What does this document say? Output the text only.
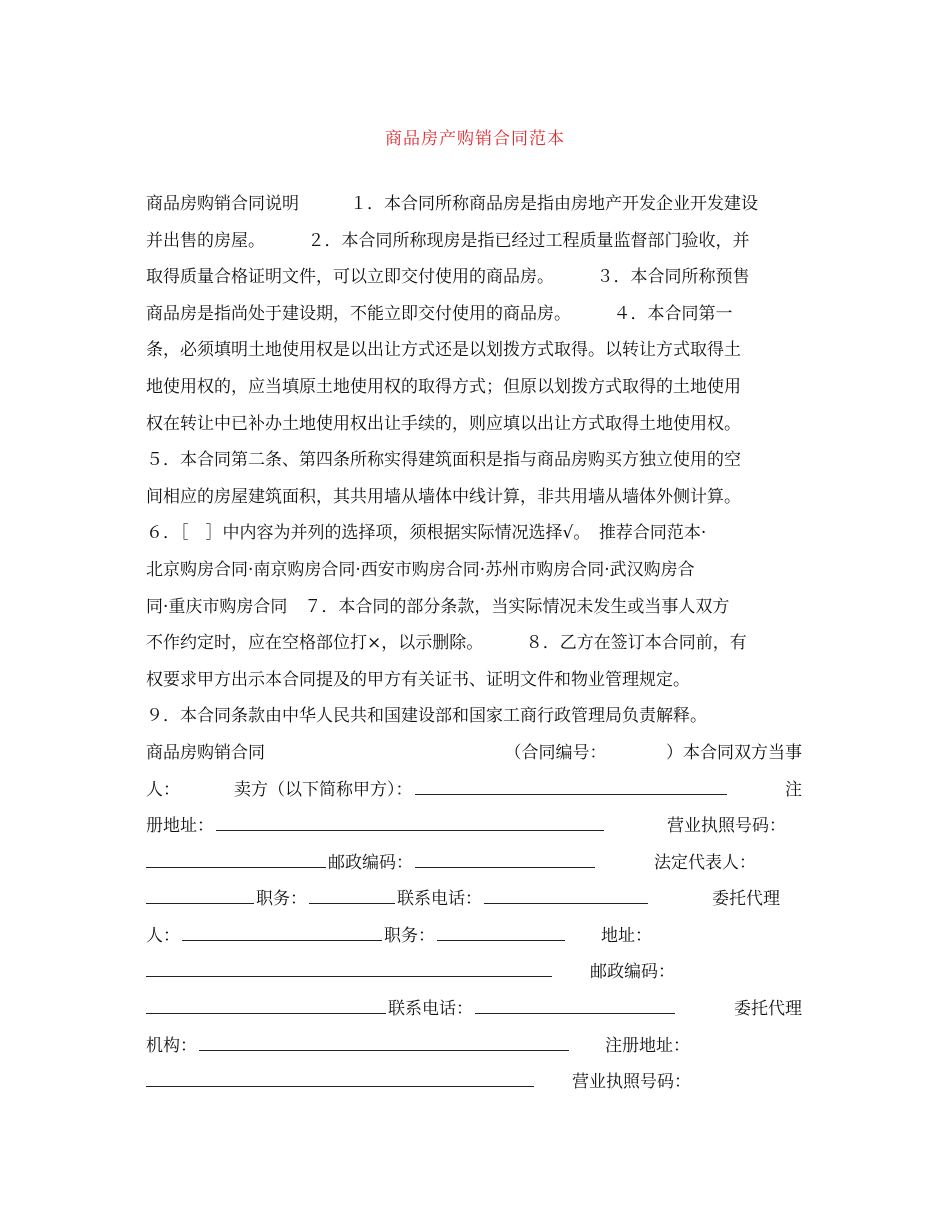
商品房产购销合同范本
商品房购销合同说明　　　１．本合同所称商品房是指由房地产开发企业开发建设
并出售的房屋。　　　２．本合同所称现房是指已经过工程质量监督部门验收，并
取得质量合格证明文件，可以立即交付使用的商品房。　　　３．本合同所称预售
商品房是指尚处于建设期，不能立即交付使用的商品房。　　　４．本合同第一
条，必须填明土地使用权是以出让方式还是以划拨方式取得。以转让方式取得土
地使用权的，应当填原土地使用权的取得方式；但原以划拨方式取得的土地使用
权在转让中已补办土地使用权出让手续的，则应填以出让方式取得土地使用权。
５．本合同第二条、第四条所称实得建筑面积是指与商品房购买方独立使用的空
间相应的房屋建筑面积，其共用墙从墙体中线计算，非共用墙从墙体外侧计算。
６．［　］中内容为并列的选择项，须根据实际情况选择√。　推荐合同范本·
北京购房合同·南京购房合同·西安市购房合同·苏州市购房合同·武汉购房合
同·重庆市购房合同　７．本合同的部分条款，当实际情况未发生或当事人双方
不作约定时，应在空格部位打×，以示删除。　　　８．乙方在签订本合同前，有
权要求甲方出示本合同提及的甲方有关证书、证明文件和物业管理规定。
９．本合同条款由中华人民共和国建设部和国家工商行政管理局负责解释。
商品房购销合同	（合同编号：　　　　）本合同双方当事
人：	卖方（以下简称甲方）：	注
册地址：	营业执照号码：
邮政编码：	法定代表人：
职务：	联系电话：	委托代理
人：	职务：	地址：
邮政编码：
联系电话：	委托代理
机构：	注册地址：
营业执照号码：
